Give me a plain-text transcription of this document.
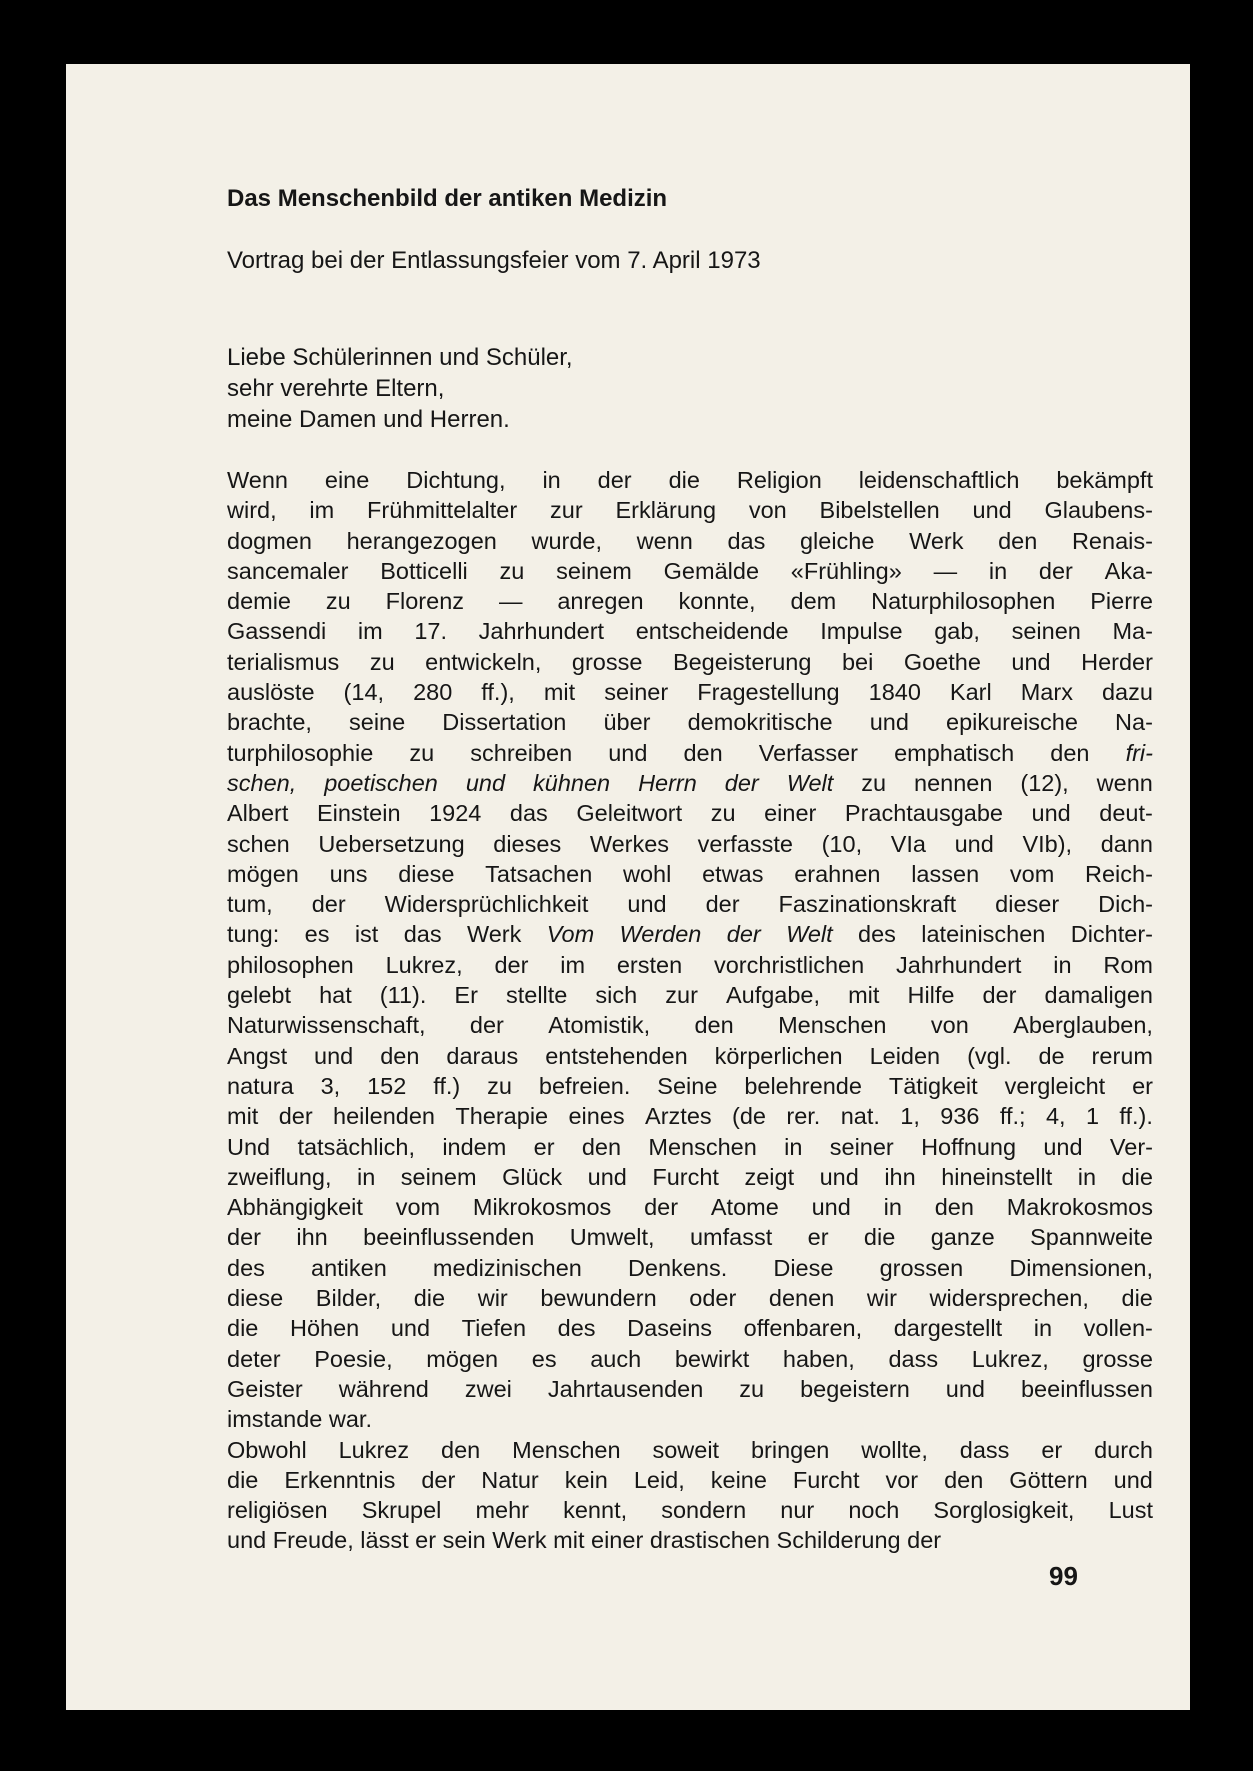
Das Menschenbild der antiken Medizin

Vortrag bei der Entlassungsfeier vom 7. April 1973

Liebe Schülerinnen und Schüler,
sehr verehrte Eltern,
meine Damen und Herren.
Wenn eine Dichtung, in der die Religion leidenschaftlich bekämpft
wird, im Frühmittelalter zur Erklärung von Bibelstellen und Glaubens-
dogmen herangezogen wurde, wenn das gleiche Werk den Renais-
sancemaler Botticelli zu seinem Gemälde «Frühling» — in der Aka-
demie zu Florenz — anregen konnte, dem Naturphilosophen Pierre
Gassendi im 17. Jahrhundert entscheidende Impulse gab, seinen Ma-
terialismus zu entwickeln, grosse Begeisterung bei Goethe und Herder
auslöste (14, 280 ff.), mit seiner Fragestellung 1840 Karl Marx dazu
brachte, seine Dissertation über demokritische und epikureische Na-
turphilosophie zu schreiben und den Verfasser emphatisch den fri-
schen, poetischen und kühnen Herrn der Welt zu nennen (12), wenn
Albert Einstein 1924 das Geleitwort zu einer Prachtausgabe und deut-
schen Uebersetzung dieses Werkes verfasste (10, VIa und VIb), dann
mögen uns diese Tatsachen wohl etwas erahnen lassen vom Reich-
tum, der Widersprüchlichkeit und der Faszinationskraft dieser Dich-
tung: es ist das Werk Vom Werden der Welt des lateinischen Dichter-
philosophen Lukrez, der im ersten vorchristlichen Jahrhundert in Rom
gelebt hat (11). Er stellte sich zur Aufgabe, mit Hilfe der damaligen
Naturwissenschaft, der Atomistik, den Menschen von Aberglauben,
Angst und den daraus entstehenden körperlichen Leiden (vgl. de rerum
natura 3, 152 ff.) zu befreien. Seine belehrende Tätigkeit vergleicht er
mit der heilenden Therapie eines Arztes (de rer. nat. 1, 936 ff.; 4, 1 ff.).
Und tatsächlich, indem er den Menschen in seiner Hoffnung und Ver-
zweiflung, in seinem Glück und Furcht zeigt und ihn hineinstellt in die
Abhängigkeit vom Mikrokosmos der Atome und in den Makrokosmos
der ihn beeinflussenden Umwelt, umfasst er die ganze Spannweite
des antiken medizinischen Denkens. Diese grossen Dimensionen,
diese Bilder, die wir bewundern oder denen wir widersprechen, die
die Höhen und Tiefen des Daseins offenbaren, dargestellt in vollen-
deter Poesie, mögen es auch bewirkt haben, dass Lukrez, grosse
Geister während zwei Jahrtausenden zu begeistern und beeinflussen
imstande war.
Obwohl Lukrez den Menschen soweit bringen wollte, dass er durch
die Erkenntnis der Natur kein Leid, keine Furcht vor den Göttern und
religiösen Skrupel mehr kennt, sondern nur noch Sorglosigkeit, Lust
und Freude, lässt er sein Werk mit einer drastischen Schilderung der
99
